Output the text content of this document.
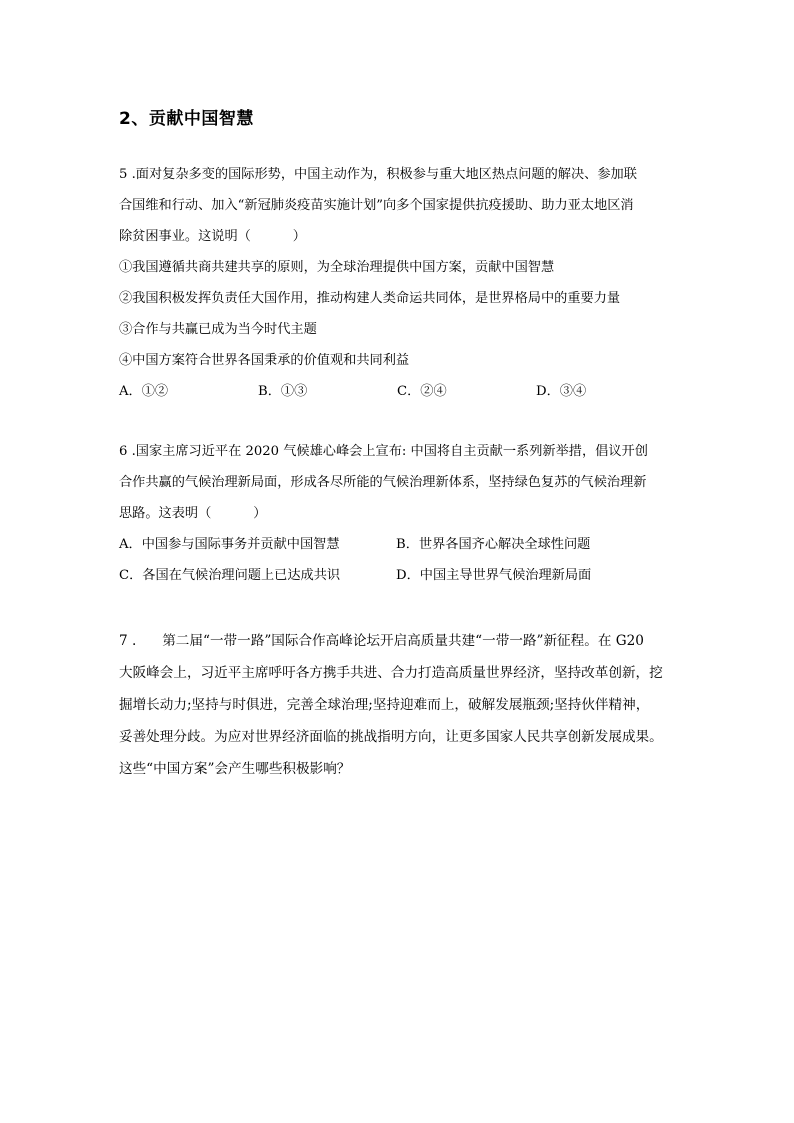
2、贡献中国智慧
5 .面对复杂多变的国际形势，中国主动作为，积极参与重大地区热点问题的解决、参加联
合国维和行动、加入“新冠肺炎疫苗实施计划”向多个国家提供抗疫援助、助力亚太地区消
除贫困事业。这说明（          ）
①我国遵循共商共建共享的原则，为全球治理提供中国方案，贡献中国智慧
②我国积极发挥负责任大国作用，推动构建人类命运共同体，是世界格局中的重要力量
③合作与共赢已成为当今时代主题
④中国方案符合世界各国秉承的价值观和共同利益
A．①②	B．①③	C．②④	D．③④
6 .国家主席习近平在 2020 气候雄心峰会上宣布: 中国将自主贡献一系列新举措，倡议开创
合作共赢的气候治理新局面，形成各尽所能的气候治理新体系，坚持绿色复苏的气候治理新
思路。这表明（          ）
A．中国参与国际事务并贡献中国智慧	B．世界各国齐心解决全球性问题
C．各国在气候治理问题上已达成共识	D．中国主导世界气候治理新局面
7 .      第二届“一带一路”国际合作高峰论坛开启高质量共建“一带一路”新征程。在 G20
大阪峰会上，习近平主席呼吁各方携手共进、合力打造高质量世界经济，坚持改革创新，挖
掘增长动力;坚持与时俱进，完善全球治理;坚持迎难而上，破解发展瓶颈;坚持伙伴精神，
妥善处理分歧。为应对世界经济面临的挑战指明方向，让更多国家人民共享创新发展成果。
这些“中国方案”会产生哪些积极影响？
